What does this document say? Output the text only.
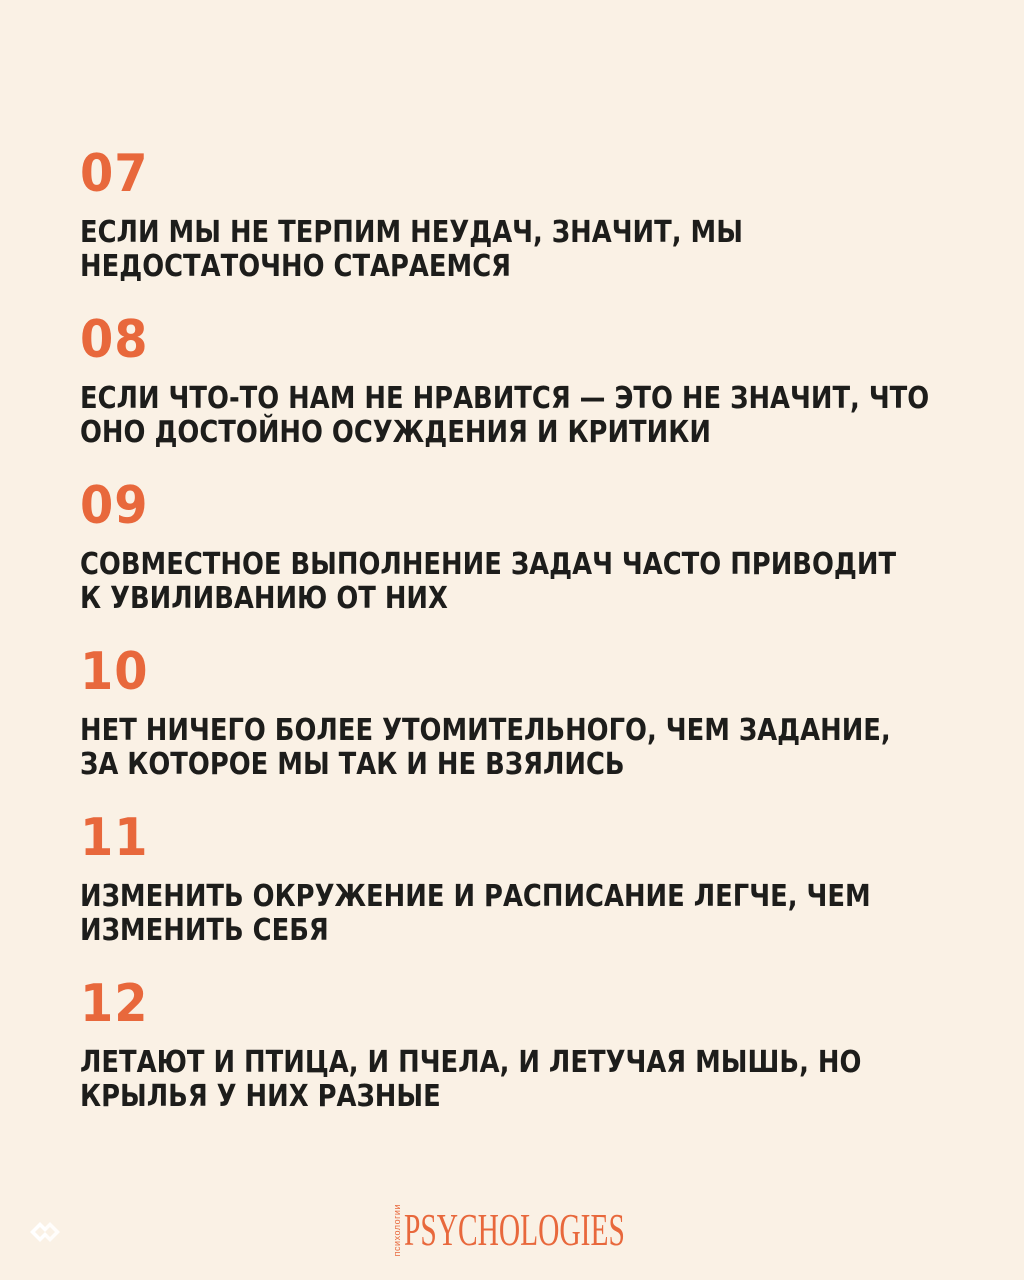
07
ЕСЛИ МЫ НЕ ТЕРПИМ НЕУДАЧ, ЗНАЧИТ, МЫ
НЕДОСТАТОЧНО СТАРАЕМСЯ
08
ЕСЛИ ЧТО-ТО НАМ НЕ НРАВИТСЯ — ЭТО НЕ ЗНАЧИТ, ЧТО
ОНО ДОСТОЙНО ОСУЖДЕНИЯ И КРИТИКИ
09
СОВМЕСТНОЕ ВЫПОЛНЕНИЕ ЗАДАЧ ЧАСТО ПРИВОДИТ
К УВИЛИВАНИЮ ОТ НИХ
10
НЕТ НИЧЕГО БОЛЕЕ УТОМИТЕЛЬНОГО, ЧЕМ ЗАДАНИЕ,
ЗА КОТОРОЕ МЫ ТАК И НЕ ВЗЯЛИСЬ
11
ИЗМЕНИТЬ ОКРУЖЕНИЕ И РАСПИСАНИЕ ЛЕГЧЕ, ЧЕМ
ИЗМЕНИТЬ СЕБЯ
12
ЛЕТАЮТ И ПТИЦА, И ПЧЕЛА, И ЛЕТУЧАЯ МЫШЬ, НО
КРЫЛЬЯ У НИХ РАЗНЫЕ
психологии PSYCHOLOGIES
